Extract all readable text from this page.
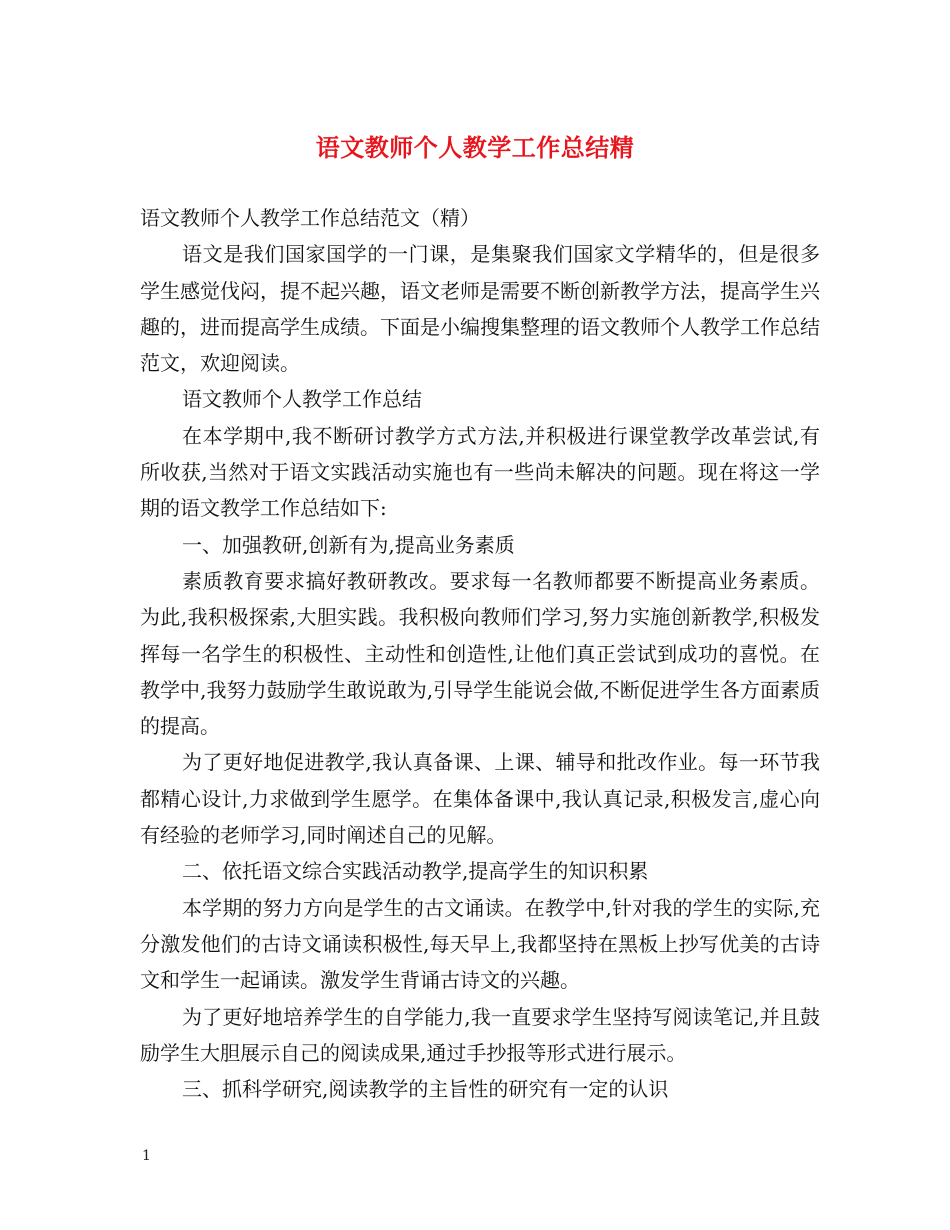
语文教师个人教学工作总结精

语文教师个人教学工作总结范文（精）

语文是我们国家国学的一门课，是集聚我们国家文学精华的，但是很多学生感觉伐闷，提不起兴趣，语文老师是需要不断创新教学方法，提高学生兴趣的，进而提高学生成绩。下面是小编搜集整理的语文教师个人教学工作总结范文，欢迎阅读。

语文教师个人教学工作总结

在本学期中,我不断研讨教学方式方法,并积极进行课堂教学改革尝试,有所收获,当然对于语文实践活动实施也有一些尚未解决的问题。现在将这一学期的语文教学工作总结如下:

一、加强教研,创新有为,提高业务素质

素质教育要求搞好教研教改。要求每一名教师都要不断提高业务素质。为此,我积极探索,大胆实践。我积极向教师们学习,努力实施创新教学,积极发挥每一名学生的积极性、主动性和创造性,让他们真正尝试到成功的喜悦。在教学中,我努力鼓励学生敢说敢为,引导学生能说会做,不断促进学生各方面素质的提高。

为了更好地促进教学,我认真备课、上课、辅导和批改作业。每一环节我都精心设计,力求做到学生愿学。在集体备课中,我认真记录,积极发言,虚心向有经验的老师学习,同时阐述自己的见解。

二、依托语文综合实践活动教学,提高学生的知识积累

本学期的努力方向是学生的古文诵读。在教学中,针对我的学生的实际,充分激发他们的古诗文诵读积极性,每天早上,我都坚持在黑板上抄写优美的古诗文和学生一起诵读。激发学生背诵古诗文的兴趣。

为了更好地培养学生的自学能力,我一直要求学生坚持写阅读笔记,并且鼓励学生大胆展示自己的阅读成果,通过手抄报等形式进行展示。

三、抓科学研究,阅读教学的主旨性的研究有一定的认识

1
